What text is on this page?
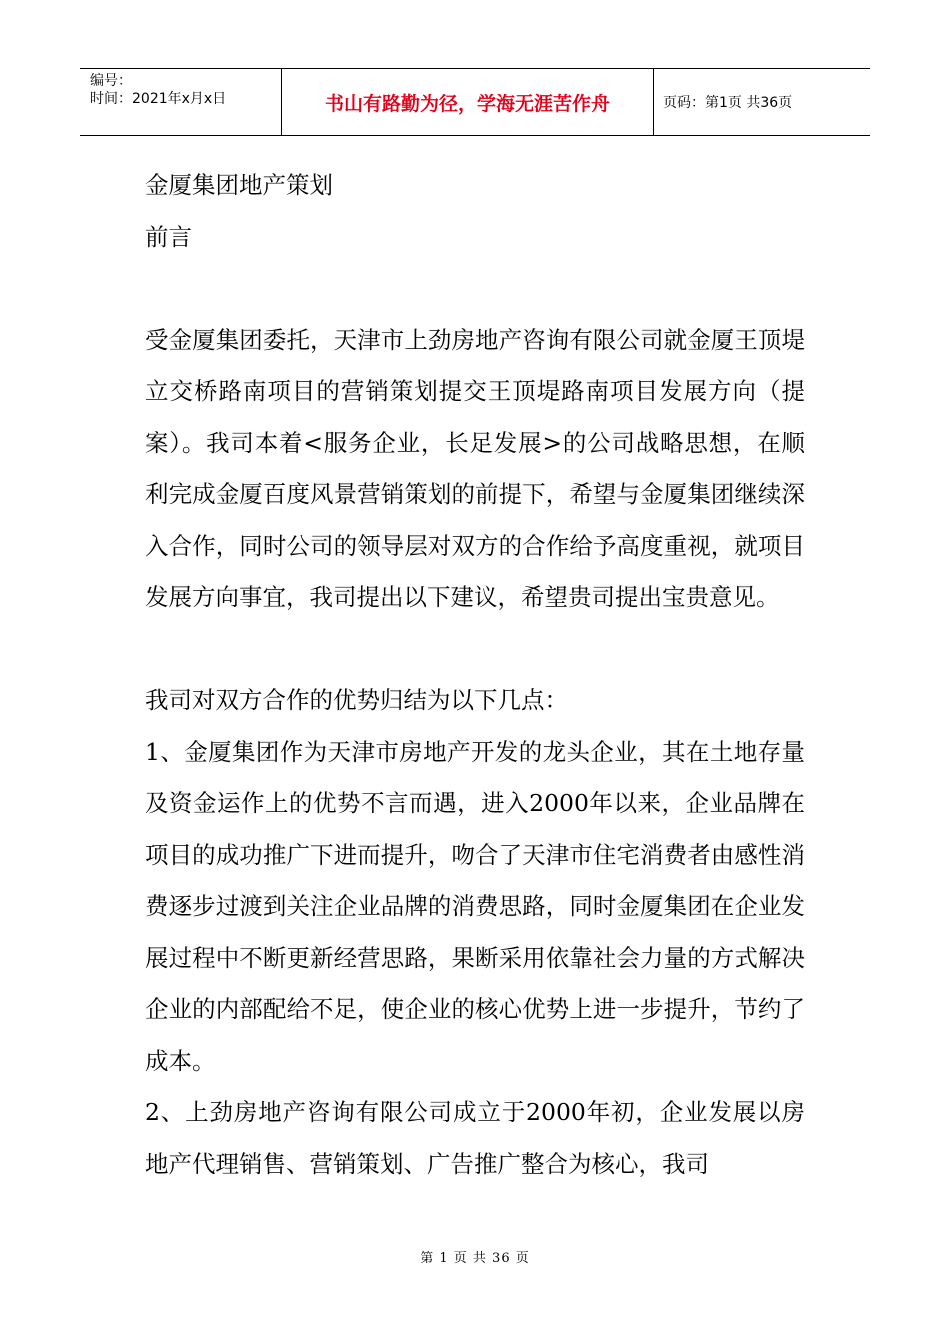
编号：
时间：2021年x月x日	书山有路勤为径，学海无涯苦作舟	页码：第1页 共36页

金厦集团地产策划

前言

受金厦集团委托，天津市上劲房地产咨询有限公司就金厦王顶堤立交桥路南项目的营销策划提交王顶堤路南项目发展方向（提案）。我司本着<服务企业，长足发展>的公司战略思想，在顺利完成金厦百度风景营销策划的前提下，希望与金厦集团继续深入合作，同时公司的领导层对双方的合作给予高度重视，就项目发展方向事宜，我司提出以下建议，希望贵司提出宝贵意见。

我司对双方合作的优势归结为以下几点：

1、金厦集团作为天津市房地产开发的龙头企业，其在土地存量及资金运作上的优势不言而遇，进入2000年以来，企业品牌在项目的成功推广下进而提升，吻合了天津市住宅消费者由感性消费逐步过渡到关注企业品牌的消费思路，同时金厦集团在企业发展过程中不断更新经营思路，果断采用依靠社会力量的方式解决企业的内部配给不足，使企业的核心优势上进一步提升，节约了成本。

2、上劲房地产咨询有限公司成立于2000年初，企业发展以房地产代理销售、营销策划、广告推广整合为核心，我司

第 1 页 共 36 页
